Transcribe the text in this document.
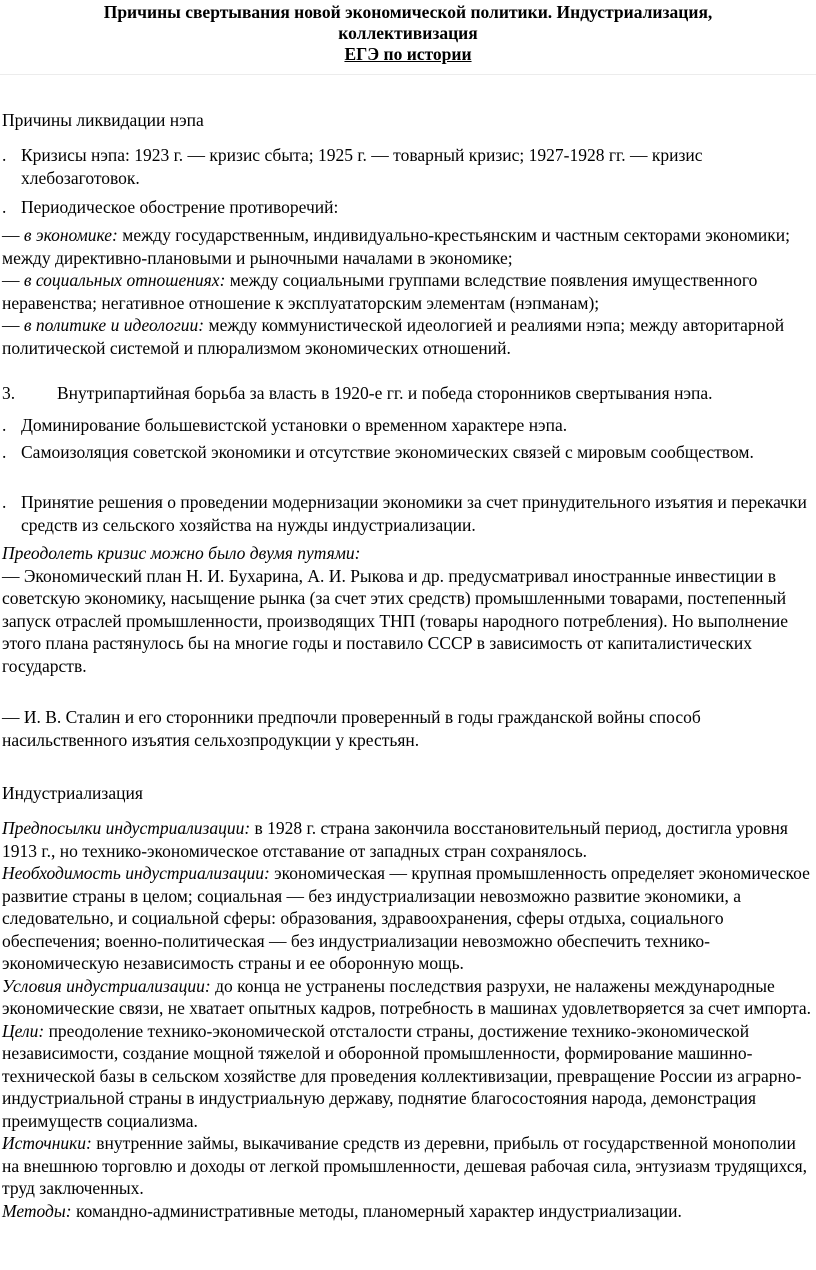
Причины свертывания новой экономической политики. Индустриализация,
коллективизация
ЕГЭ по истории
Причины ликвидации нэпа
. Кризисы нэпа: 1923 г. — кризис сбыта; 1925 г. — товарный кризис; 1927-1928 гг. — кризис хлебозаготовок.
. Периодическое обострение противоречий:
— в экономике: между государственным, индивидуально-крестьянским и частным секторами экономики; между директивно-плановыми и рыночными началами в экономике;
— в социальных отношениях: между социальными группами вследствие появления имущественного неравенства; негативное отношение к эксплуататорским элементам (нэпманам);
— в политике и идеологии: между коммунистической идеологией и реалиями нэпа; между авторитарной политической системой и плюрализмом экономических отношений.
3.	Внутрипартийная борьба за власть в 1920-е гг. и победа сторонников свертывания нэпа.
. Доминирование большевистской установки о временном характере нэпа.
. Самоизоляция советской экономики и отсутствие экономических связей с мировым сообществом.
. Принятие решения о проведении модернизации экономики за счет принудительного изъятия и перекачки средств из сельского хозяйства на нужды индустриализации.
Преодолеть кризис можно было двумя путями:
— Экономический план Н. И. Бухарина, А. И. Рыкова и др. предусматривал иностранные инвестиции в советскую экономику, насыщение рынка (за счет этих средств) промышленными товарами, постепенный запуск отраслей промышленности, производящих ТНП (товары народного потребления). Но выполнение этого плана растянулось бы на многие годы и поставило СССР в зависимость от капиталистических государств.
— И. В. Сталин и его сторонники предпочли проверенный в годы гражданской войны способ насильственного изъятия сельхозпродукции у крестьян.
Индустриализация
Предпосылки индустриализации: в 1928 г. страна закончила восстановительный период, достигла уровня 1913 г., но технико-экономическое отставание от западных стран сохранялось.
Необходимость индустриализации: экономическая — крупная промышленность определяет экономическое развитие страны в целом; социальная — без индустриализации невозможно развитие экономики, а следовательно, и социальной сферы: образования, здравоохранения, сферы отдыха, социального обеспечения; военно-политическая — без индустриализации невозможно обеспечить технико-экономическую независимость страны и ее оборонную мощь.
Условия индустриализации: до конца не устранены последствия разрухи, не налажены международные экономические связи, не хватает опытных кадров, потребность в машинах удовлетворяется за счет импорта.
Цели: преодоление технико-экономической отсталости страны, достижение технико-экономической независимости, создание мощной тяжелой и оборонной промышленности, формирование машинно-технической базы в сельском хозяйстве для проведения коллективизации, превращение России из аграрно-индустриальной страны в индустриальную державу, поднятие благосостояния народа, демонстрация преимуществ социализма.
Источники: внутренние займы, выкачивание средств из деревни, прибыль от государственной монополии на внешнюю торговлю и доходы от легкой промышленности, дешевая рабочая сила, энтузиазм трудящихся, труд заключенных.
Методы: командно-административные методы, планомерный характер индустриализации.
